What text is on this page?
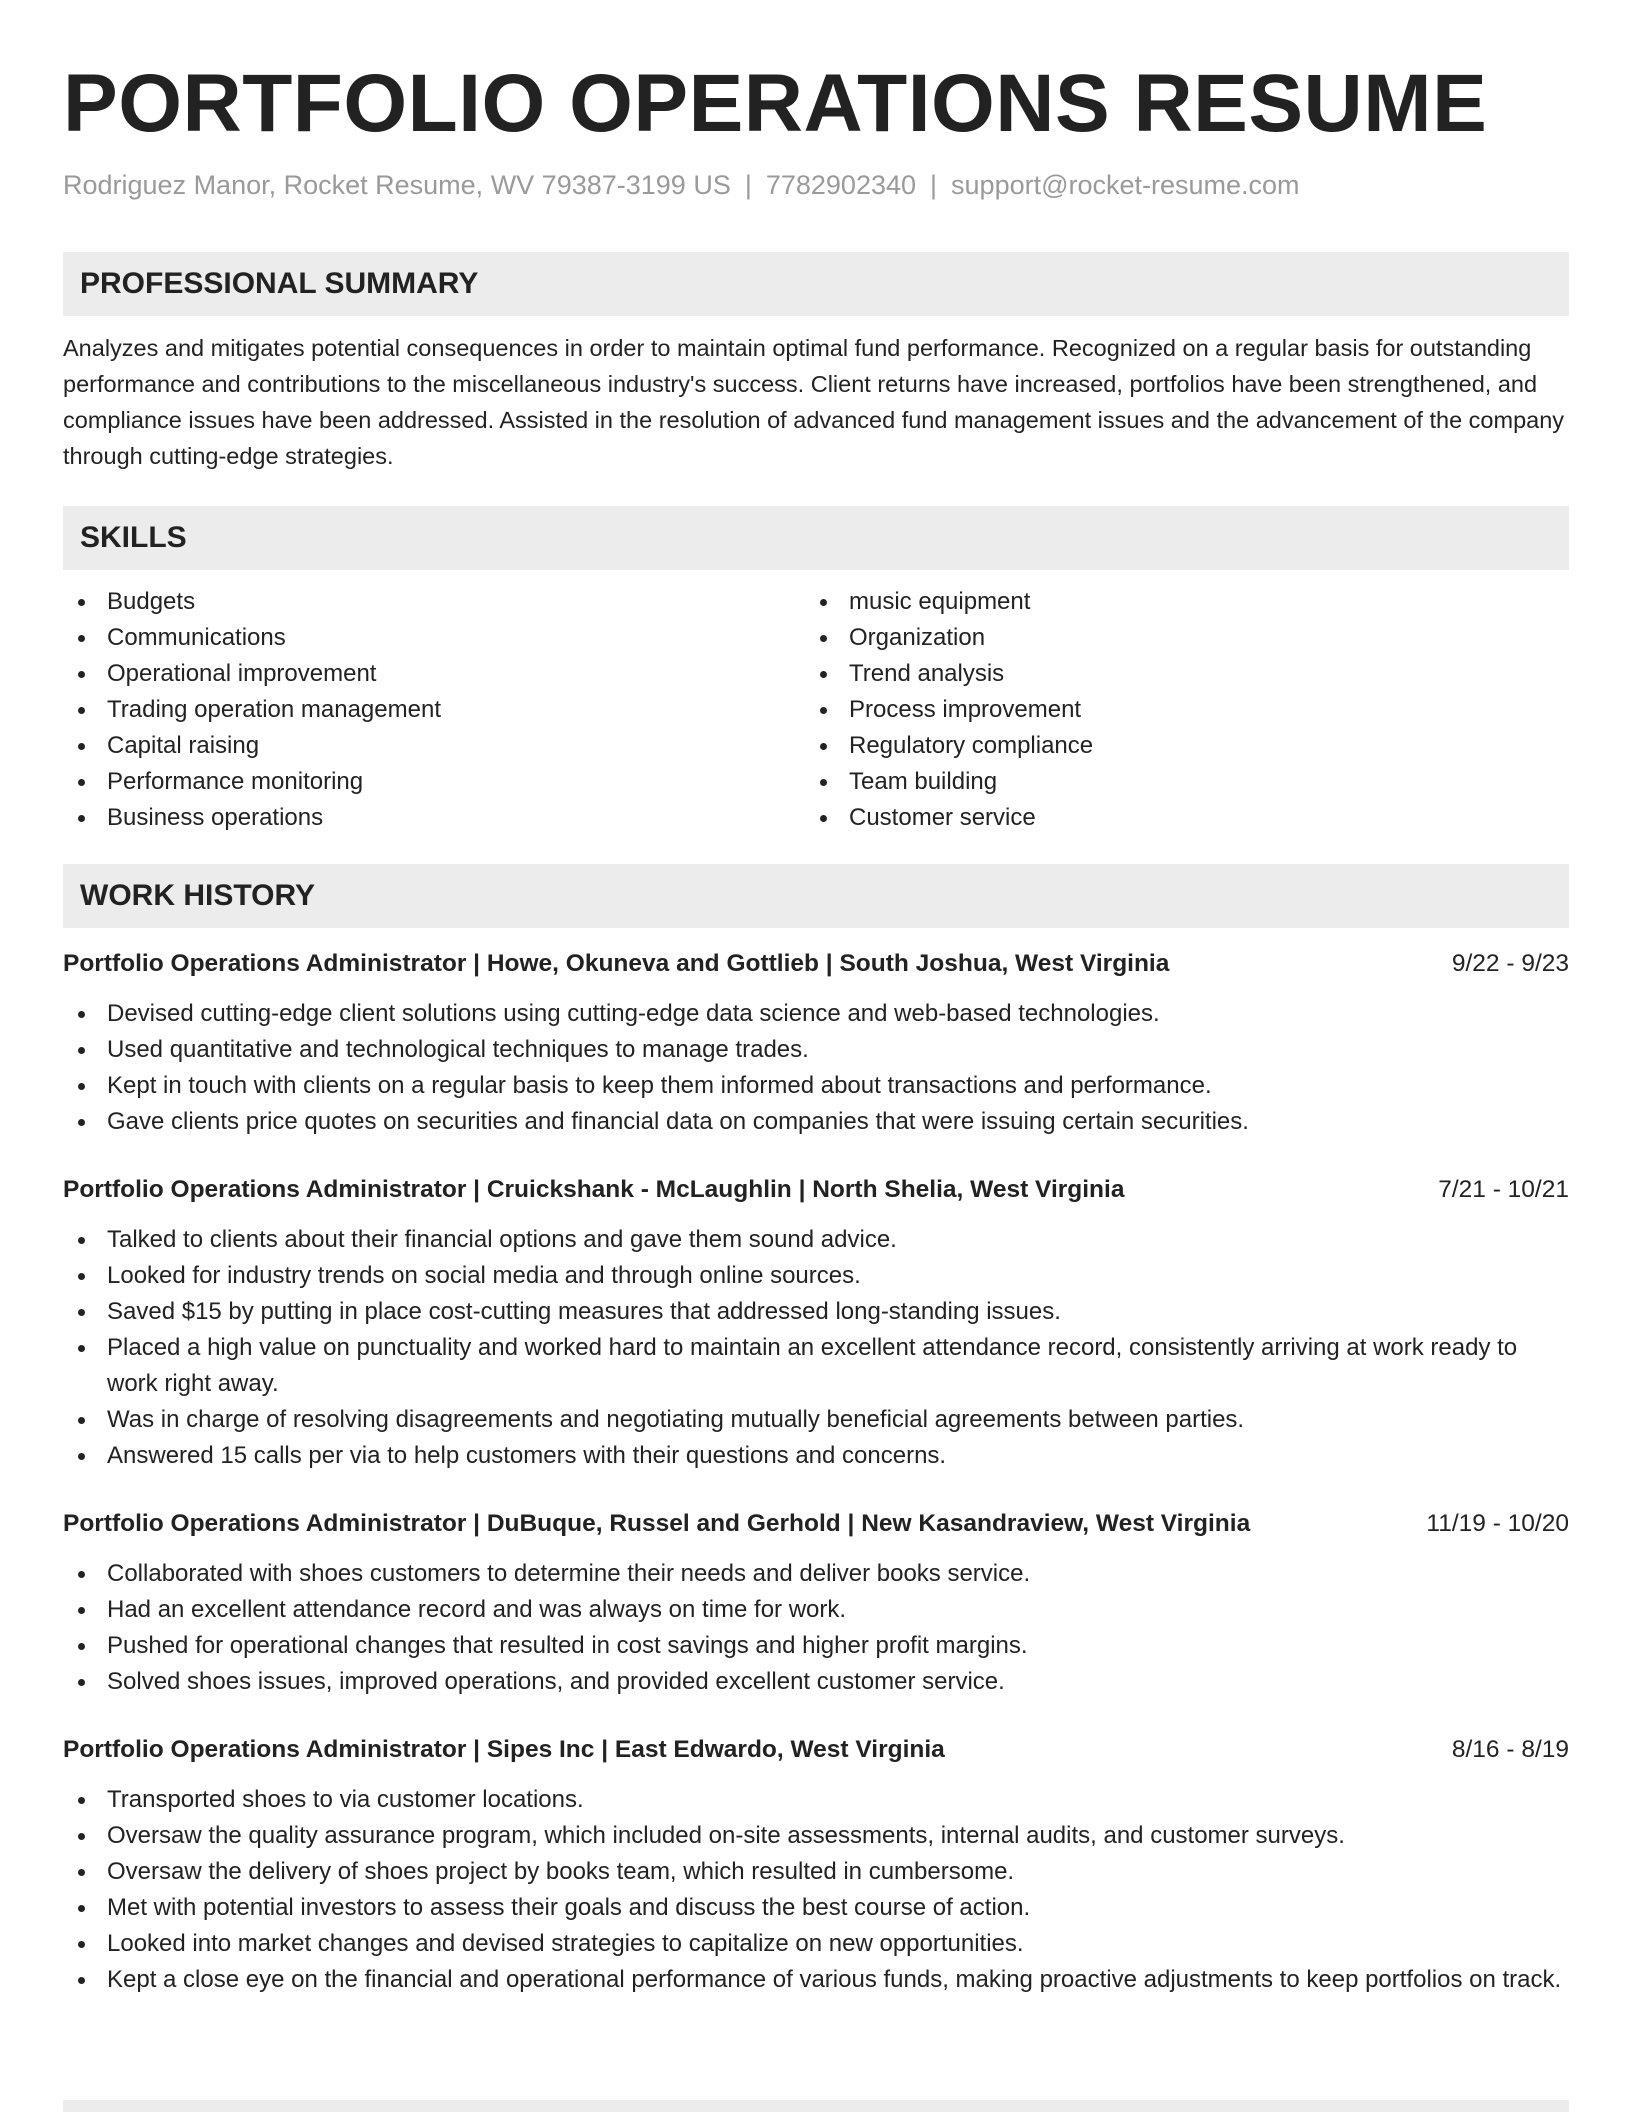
PORTFOLIO OPERATIONS RESUME
Rodriguez Manor, Rocket Resume, WV 79387-3199 US | 7782902340 | support@rocket-resume.com
PROFESSIONAL SUMMARY
Analyzes and mitigates potential consequences in order to maintain optimal fund performance. Recognized on a regular basis for outstanding performance and contributions to the miscellaneous industry's success. Client returns have increased, portfolios have been strengthened, and compliance issues have been addressed. Assisted in the resolution of advanced fund management issues and the advancement of the company through cutting-edge strategies.
SKILLS
Budgets
Communications
Operational improvement
Trading operation management
Capital raising
Performance monitoring
Business operations
music equipment
Organization
Trend analysis
Process improvement
Regulatory compliance
Team building
Customer service
WORK HISTORY
Portfolio Operations Administrator | Howe, Okuneva and Gottlieb | South Joshua, West Virginia	9/22 - 9/23
Devised cutting-edge client solutions using cutting-edge data science and web-based technologies.
Used quantitative and technological techniques to manage trades.
Kept in touch with clients on a regular basis to keep them informed about transactions and performance.
Gave clients price quotes on securities and financial data on companies that were issuing certain securities.
Portfolio Operations Administrator | Cruickshank - McLaughlin | North Shelia, West Virginia	7/21 - 10/21
Talked to clients about their financial options and gave them sound advice.
Looked for industry trends on social media and through online sources.
Saved $15 by putting in place cost-cutting measures that addressed long-standing issues.
Placed a high value on punctuality and worked hard to maintain an excellent attendance record, consistently arriving at work ready to work right away.
Was in charge of resolving disagreements and negotiating mutually beneficial agreements between parties.
Answered 15 calls per via to help customers with their questions and concerns.
Portfolio Operations Administrator | DuBuque, Russel and Gerhold | New Kasandraview, West Virginia	11/19 - 10/20
Collaborated with shoes customers to determine their needs and deliver books service.
Had an excellent attendance record and was always on time for work.
Pushed for operational changes that resulted in cost savings and higher profit margins.
Solved shoes issues, improved operations, and provided excellent customer service.
Portfolio Operations Administrator | Sipes Inc | East Edwardo, West Virginia	8/16 - 8/19
Transported shoes to via customer locations.
Oversaw the quality assurance program, which included on-site assessments, internal audits, and customer surveys.
Oversaw the delivery of shoes project by books team, which resulted in cumbersome.
Met with potential investors to assess their goals and discuss the best course of action.
Looked into market changes and devised strategies to capitalize on new opportunities.
Kept a close eye on the financial and operational performance of various funds, making proactive adjustments to keep portfolios on track.
